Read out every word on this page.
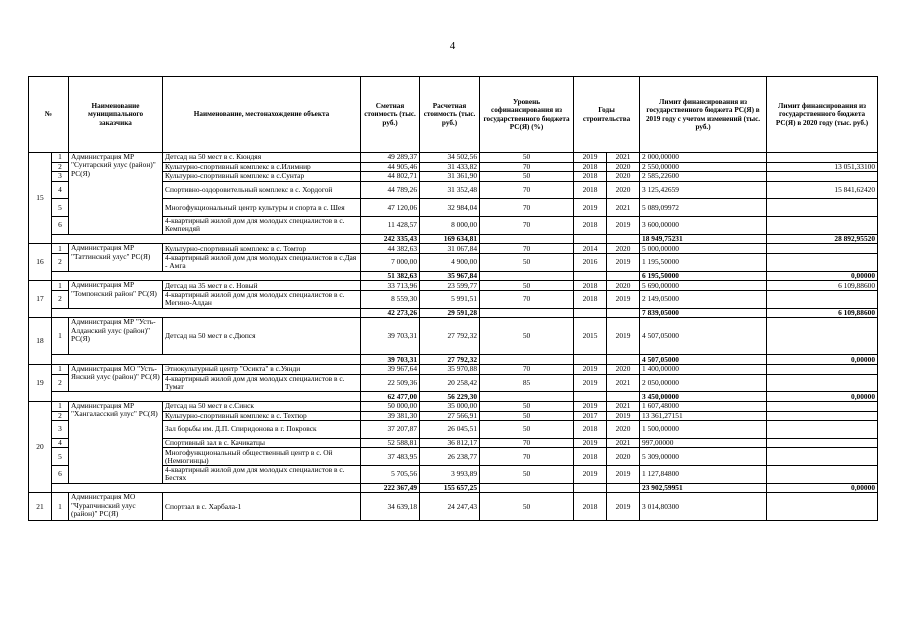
4
№		Наименование муниципального заказчика	Наименование, местонахождение объекта	Сметная стоимость (тыс. руб.)	Расчетная стоимость (тыс. руб.)	Уровень софинансирования из государственного бюджета РС(Я) (%)	Годы строительства		Лимит финансирования из государственного бюджета РС(Я) в 2019 году с учетом изменений (тыс. руб.)	Лимит финансирования из государственного бюджета РС(Я) в 2020 году (тыс. руб.)
15	1	Администрация МР "Сунтарский улус (район)" РС(Я)	Детсад на 50 мест в с. Кюндяя	49 289,37	34 502,56	50	2019	2021	2 000,00000	
	2		Культурно-спортивный комплекс в с.Илимнир	44 905,46	31 433,82	70	2018	2020	2 550,00000	13 051,33100
	3		Культурно-спортивный комплекс в с.Сунтар	44 802,71	31 361,90	50	2018	2020	2 585,22600	
	4		Спортивно-оздоровительный комплекс в с. Хордогой	44 789,26	31 352,48	70	2018	2020	3 125,42659	15 841,62420
	5		Многофукциональный центр культуры и спорта в с. Шея	47 120,06	32 984,04	70	2019	2021	5 089,09972	
	6		4-квартирный жилой дом для молодых специалистов в с. Кемпендяй	11 428,57	8 000,00	70	2018	2019	3 600,00000	
				242 335,43	169 634,81				18 949,75231	28 892,95520
16	1	Администрация МР "Таттинский улус" РС(Я)	Культурно-спортивный комплекс в с. Томтор	44 382,63	31 067,84	70	2014	2020	5 000,00000	
	2		4-квартирный жилой дом для молодых специалистов в с.Дая - Амга	7 000,00	4 900,00	50	2016	2019	1 195,50000	
				51 382,63	35 967,84				6 195,50000	0,00000
17	1	Администрация МР "Томпонский район" РС(Я)	Детсад на 35 мест в с. Новый	33 713,96	23 599,77	50	2018	2020	5 690,00000	6 109,88600
	2		4-квартирный жилой дом для молодых специалистов в с. Мегино-Алдан	8 559,30	5 991,51	70	2018	2019	2 149,05000	
				42 273,26	29 591,28				7 839,05000	6 109,88600
18	1	Администрация МР "Усть-Алданский улус (район)" РС(Я)	Детсад на 50 мест в с.Дюпся	39 703,31	27 792,32	50	2015	2019	4 507,05000	
				39 703,31	27 792,32				4 507,05000	0,00000
19	1	Администрация МО "Усть-Янский улус (район)" РС(Я)	Этнокультурный центр "Осикта" в с.Уянди	39 967,64	35 970,88	70	2019	2020	1 400,00000	
	2		4-квартирный жилой дом для молодых специалистов в с. Тумат	22 509,36	20 258,42	85	2019	2021	2 050,00000	
				62 477,00	56 229,30				3 450,00000	0,00000
20	1	Администрация МР "Хангаласский улус" РС(Я)	Детсад на 50 мест в с.Синск	50 000,00	35 000,00	50	2019	2021	1 607,48000	
	2		Культурно-спортивный комплекс в с. Техтюр	39 381,30	27 566,91	50	2017	2019	13 361,27151	
	3		Зал борьбы им. Д.П. Спиридонова в г. Покровск	37 207,87	26 045,51	50	2018	2020	1 500,00000	
	4		Спортивный зал в с. Качикатцы	52 588,81	36 812,17	70	2019	2021	997,00000	
	5		Многофункциональный общественный центр в с. Ой (Немюгинцы)	37 483,95	26 238,77	70	2018	2020	5 309,00000	
	6		4-квартирный жилой дом для молодых специалистов в с. Бестях	5 705,56	3 993,89	50	2019	2019	1 127,84800	
				222 367,49	155 657,25				23 902,59951	0,00000
21	1	Администрация МО "Чурапчинский улус (район)" РС(Я)	Спортзал в с. Харбала-1	34 639,18	24 247,43	50	2018	2019	3 014,80300	
